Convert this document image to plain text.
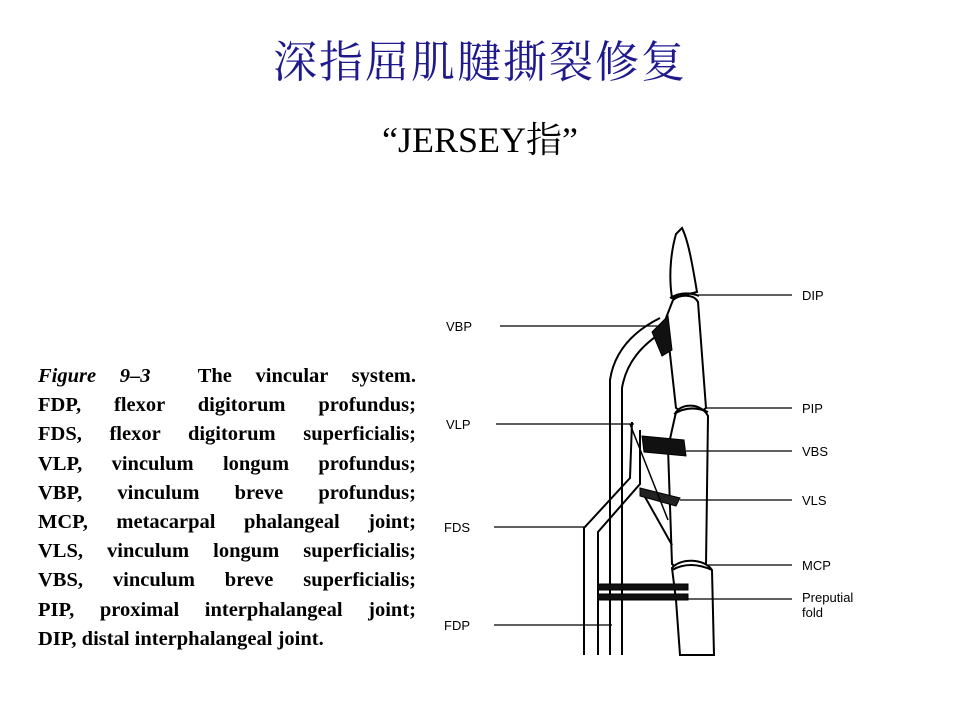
深指屈肌腱撕裂修复
“JERSEY指”
Figure 9–3 The vincular system.
FDP, flexor digitorum profundus;
FDS, flexor digitorum superficialis;
VLP, vinculum longum profundus;
VBP, vinculum breve profundus;
MCP, metacarpal phalangeal joint;
VLS, vinculum longum superficialis;
VBS, vinculum breve superficialis;
PIP, proximal interphalangeal joint;
DIP, distal interphalangeal joint.
VBP
VLP
FDS
FDP
DIP
PIP
VBS
VLS
MCP
Preputial
fold
